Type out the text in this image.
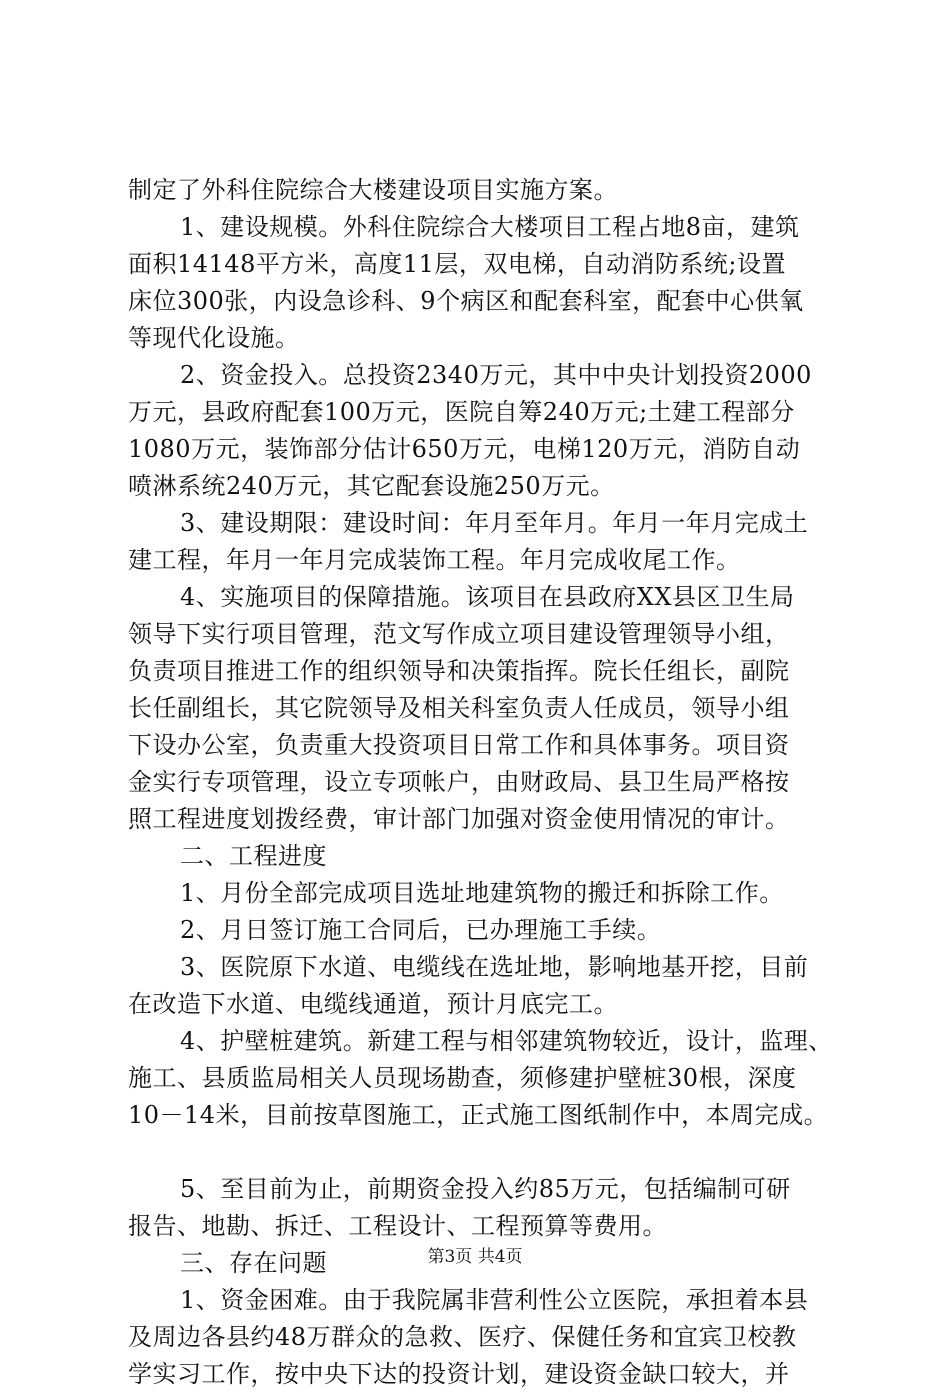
制定了外科住院综合大楼建设项目实施方案。
1、建设规模。外科住院综合大楼项目工程占地8亩，建筑
面积14148平方米，高度11层，双电梯，自动消防系统;设置
床位300张，内设急诊科、9个病区和配套科室，配套中心供氧
等现代化设施。
2、资金投入。总投资2340万元，其中中央计划投资2000
万元，县政府配套100万元，医院自筹240万元;土建工程部分
1080万元，装饰部分估计650万元，电梯120万元，消防自动
喷淋系统240万元，其它配套设施250万元。
3、建设期限：建设时间：年月至年月。年月一年月完成土
建工程，年月一年月完成装饰工程。年月完成收尾工作。
4、实施项目的保障措施。该项目在县政府XX县区卫生局
领导下实行项目管理，范文写作成立项目建设管理领导小组，
负责项目推进工作的组织领导和决策指挥。院长任组长，副院
长任副组长，其它院领导及相关科室负责人任成员，领导小组
下设办公室，负责重大投资项目日常工作和具体事务。项目资
金实行专项管理，设立专项帐户，由财政局、县卫生局严格按
照工程进度划拨经费，审计部门加强对资金使用情况的审计。
二、工程进度
1、月份全部完成项目选址地建筑物的搬迁和拆除工作。
2、月日签订施工合同后，已办理施工手续。
3、医院原下水道、电缆线在选址地，影响地基开挖，目前
在改造下水道、电缆线通道，预计月底完工。
4、护壁桩建筑。新建工程与相邻建筑物较近，设计，监理、
施工、县质监局相关人员现场勘查，须修建护壁桩30根，深度
10－14米，目前按草图施工，正式施工图纸制作中，本周完成。
5、至目前为止，前期资金投入约85万元，包括编制可研
报告、地勘、拆迁、工程设计、工程预算等费用。
三、存在问题
1、资金困难。由于我院属非营利性公立医院，承担着本县
及周边各县约48万群众的急救、医疗、保健任务和宜宾卫校教
学实习工作，按中央下达的投资计划，建设资金缺口较大，并
第3页 共4页
